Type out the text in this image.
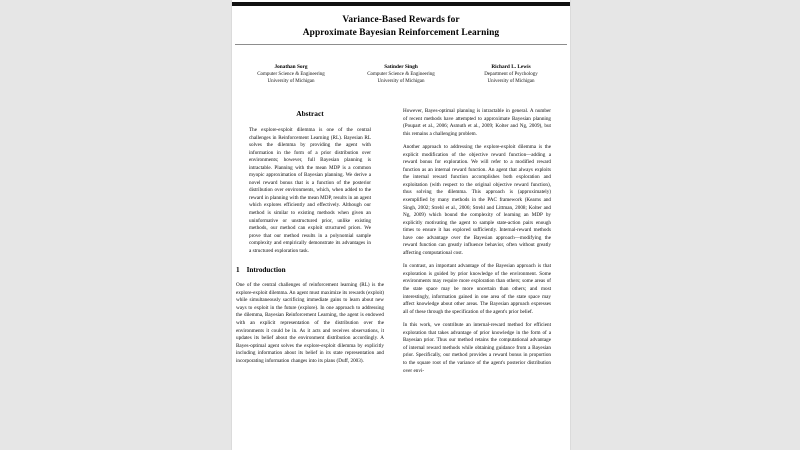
Variance-Based Rewards for
Approximate Bayesian Reinforcement Learning
Jonathan Sorg
Computer Science & Engineering
University of Michigan
Satinder Singh
Computer Science & Engineering
University of Michigan
Richard L. Lewis
Department of Psychology
University of Michigan
Abstract

The explore-exploit dilemma is one of the central challenges in Reinforcement Learning (RL). Bayesian RL solves the dilemma by providing the agent with information in the form of a prior distribution over environments; however, full Bayesian planning is intractable. Planning with the mean MDP is a common myopic approximation of Bayesian planning. We derive a novel reward bonus that is a function of the posterior distribution over environments, which, when added to the reward in planning with the mean MDP, results in an agent which explores efficiently and effectively. Although our method is similar to existing methods when given an uninformative or unstructured prior, unlike existing methods, our method can exploit structured priors. We prove that our method results in a polynomial sample complexity and empirically demonstrate its advantages in a structured exploration task.

1 Introduction

One of the central challenges of reinforcement learning (RL) is the explore-exploit dilemma. An agent must maximize its rewards (exploit) while simultaneously sacrificing immediate gains to learn about new ways to exploit in the future (explore). In one approach to addressing the dilemma, Bayesian Reinforcement Learning, the agent is endowed with an explicit representation of the distribution over the environments it could be in. As it acts and receives observations, it updates its belief about the environment distribution accordingly. A Bayes-optimal agent solves the explore-exploit dilemma by explicitly including information about its belief in its state representation and incorporating information changes into its plans (Duff, 2003).

However, Bayes-optimal planning is intractable in general. A number of recent methods have attempted to approximate Bayesian planning (Poupart et al., 2006; Asmuth et al., 2009; Kolter and Ng, 2009), but this remains a challenging problem.

Another approach to addressing the explore-exploit dilemma is the explicit modification of the objective reward function—adding a reward bonus for exploration. We will refer to a modified reward function as an internal reward function. An agent that always exploits the internal reward function accomplishes both exploration and exploitation (with respect to the original objective reward function), thus solving the dilemma. This approach is (approximately) exemplified by many methods in the PAC framework (Kearns and Singh, 2002; Strehl et al., 2006; Strehl and Littman, 2008; Kolter and Ng, 2009) which bound the complexity of learning an MDP by explicitly motivating the agent to sample state-action pairs enough times to ensure it has explored sufficiently. Internal-reward methods have one advantage over the Bayesian approach—modifying the reward function can greatly influence behavior, often without greatly affecting computational cost.

In contrast, an important advantage of the Bayesian approach is that exploration is guided by prior knowledge of the environment. Some environments may require more exploration than others; some areas of the state space may be more uncertain than others; and most interestingly, information gained in one area of the state space may affect knowledge about other areas. The Bayesian approach expresses all of these through the specification of the agent's prior belief.

In this work, we contribute an internal-reward method for efficient exploration that takes advantage of prior knowledge in the form of a Bayesian prior. Thus our method retains the computational advantage of internal reward methods while obtaining guidance from a Bayesian prior. Specifically, our method provides a reward bonus in proportion to the square root of the variance of the agent's posterior distribution over envi-
